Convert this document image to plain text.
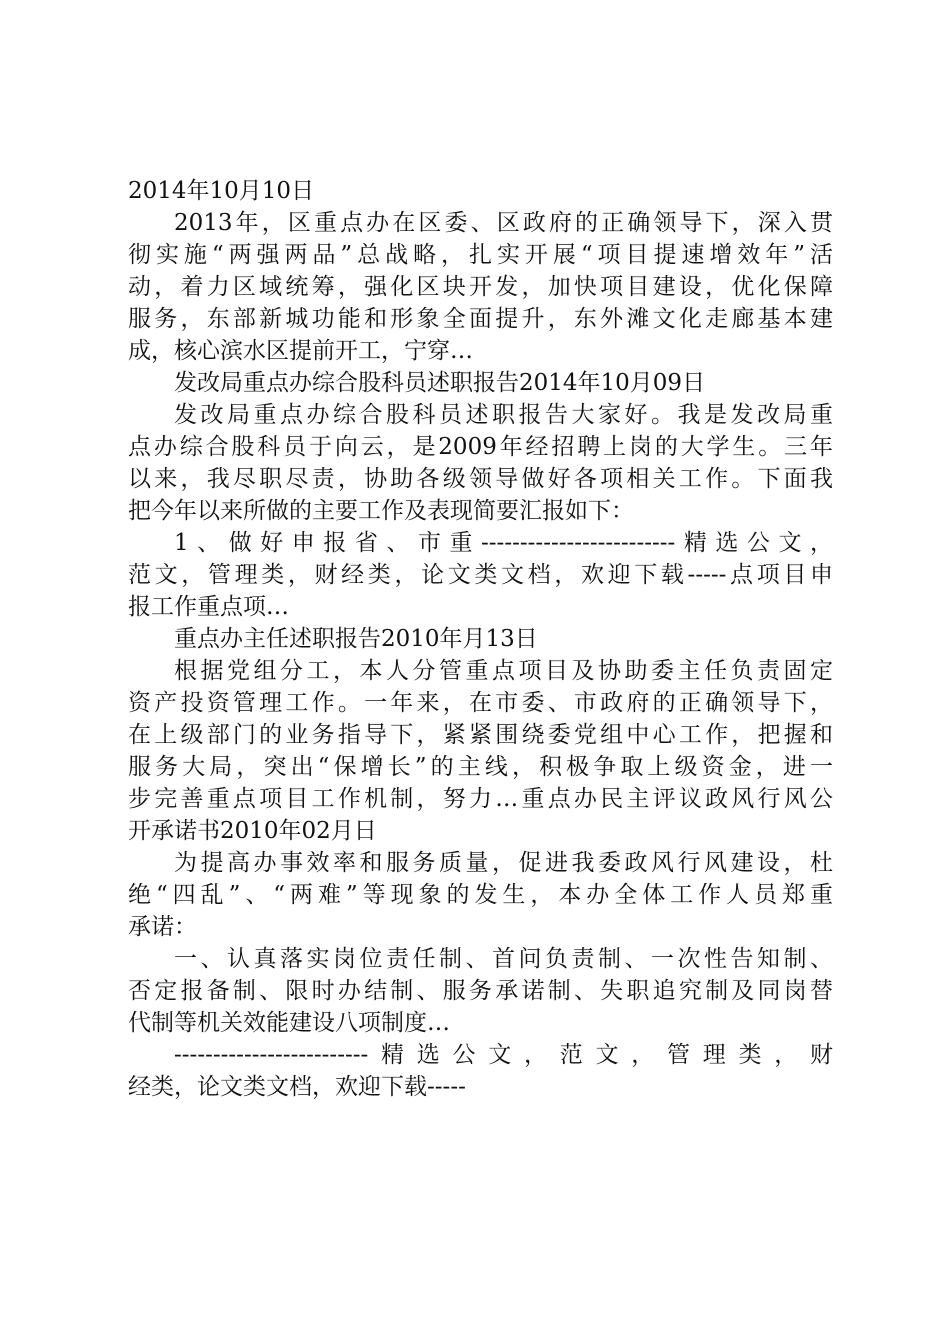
2014年10月10日
2013年，区重点办在区委、区政府的正确领导下，深入贯
彻实施“两强两品”总战略，扎实开展“项目提速增效年”活
动，着力区域统筹，强化区块开发，加快项目建设，优化保障
服务，东部新城功能和形象全面提升，东外滩文化走廊基本建
成，核心滨水区提前开工，宁穿…
发改局重点办综合股科员述职报告2014年10月09日
发改局重点办综合股科员述职报告大家好。我是发改局重
点办综合股科员于向云，是2009年经招聘上岗的大学生。三年
以来，我尽职尽责，协助各级领导做好各项相关工作。下面我
把今年以来所做的主要工作及表现简要汇报如下：
1、做好申报省、市重-------------------------精选公文，
范文，管理类，财经类，论文类文档，欢迎下载-----点项目申
报工作重点项…
重点办主任述职报告2010年月13日
根据党组分工，本人分管重点项目及协助委主任负责固定
资产投资管理工作。一年来，在市委、市政府的正确领导下，
在上级部门的业务指导下，紧紧围绕委党组中心工作，把握和
服务大局，突出“保增长”的主线，积极争取上级资金，进一
步完善重点项目工作机制，努力…重点办民主评议政风行风公
开承诺书2010年02月日
为提高办事效率和服务质量，促进我委政风行风建设，杜
绝“四乱”、“两难”等现象的发生，本办全体工作人员郑重
承诺：
一、认真落实岗位责任制、首问负责制、一次性告知制、
否定报备制、限时办结制、服务承诺制、失职追究制及同岗替
代制等机关效能建设八项制度…
-------------------------精选公文，范文，管理类，财
经类，论文类文档，欢迎下载-----
